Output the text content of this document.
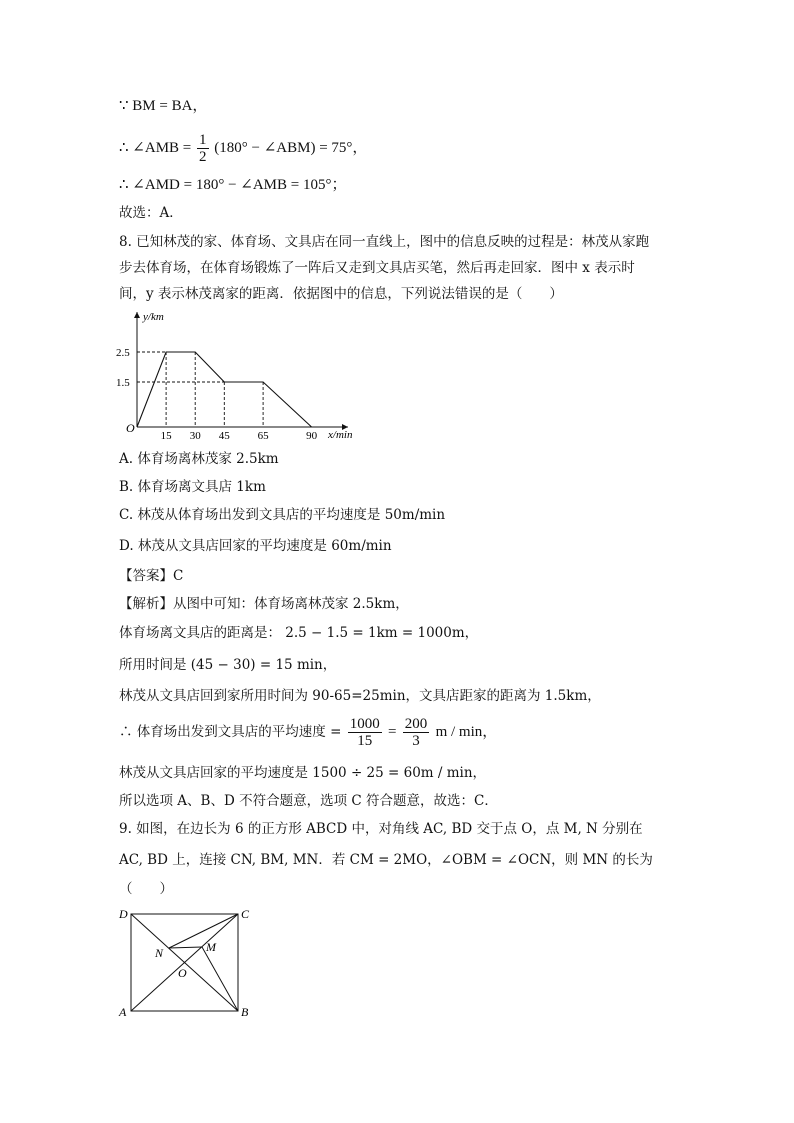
∵ BM = BA，
∴ ∠AMB = $\frac{1}{2} (180^\circ$ − ∠ABM) = 75°，
∴ ∠AMD = 180° − ∠AMB = 105°；
故选：A．
8. 已知林茂的家、体育场、文具店在同一直线上，图中的信息反映的过程是：林茂从家跑
步去体育场，在体育场锻炼了一阵后又走到文具店买笔，然后再走回家．图中 x 表示时
间，y 表示林茂离家的距离．依据图中的信息，下列说法错误的是（　　）
y/km
x/min
O
2.5
1.5
15 30 45	65	90
A. 体育场离林茂家 2.5km
B. 体育场离文具店 1km
C. 林茂从体育场出发到文具店的平均速度是 50m/min
D. 林茂从文具店回家的平均速度是 60m/min
【答案】C
【解析】从图中可知：体育场离林茂家 2.5km，
体育场离文具店的距离是： 2.5 − 1.5 = 1km = 1000m，
所用时间是 (45 − 30) = 15 min，
林茂从文具店回到家所用时间为 90-65=25min，文具店距家的距离为 1.5km，
∴ 体育场出发到文具店的平均速度 = $\frac{1000}{15} = \frac{200}{3}$ m / min，
林茂从文具店回家的平均速度是 1500 ÷ 25 = 60m / min，
所以选项 A、B、D 不符合题意，选项 C 符合题意，故选：C．
9. 如图，在边长为 6 的正方形 ABCD 中，对角线 AC, BD 交于点 O，点 M, N 分别在
AC, BD 上，连接 CN, BM, MN．若 CM = 2MO，∠OBM = ∠OCN，则 MN 的长为
（　　）
D	C
N	M
O
A	B
